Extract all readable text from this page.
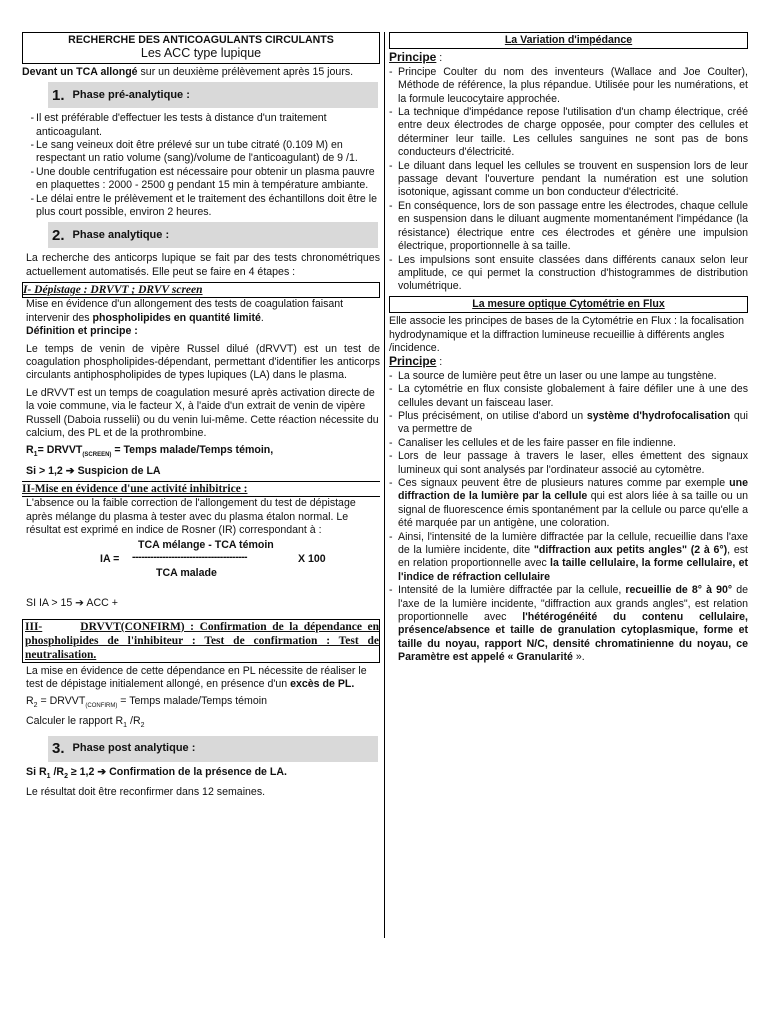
RECHERCHE DES ANTICOAGULANTS CIRCULANTS
Les ACC type lupique

Devant un TCA allongé sur un deuxième prélèvement après 15 jours.

1. Phase pré-analytique :
- Il est préférable d'effectuer les tests à distance d'un traitement anticoagulant.
- Le sang veineux doit être prélevé sur un tube citraté (0.109 M) en respectant un ratio volume (sang)/volume de l'anticoagulant) de 9 /1.
- Une double centrifugation est nécessaire pour obtenir un plasma pauvre en plaquettes : 2000 - 2500 g pendant 15 min à température ambiante.
- Le délai entre le prélèvement et le traitement des échantillons doit être le plus court possible, environ 2 heures.
2. Phase analytique :

La recherche des anticorps lupique se fait par des tests chronométriques actuellement automatisés. Elle peut se faire en 4 étapes :

I- Dépistage : DRVVT ; DRVV screen

Mise en évidence d'un allongement des tests de coagulation faisant intervenir des phospholipides en quantité limité.

Définition et principe :

Le temps de venin de vipère Russel dilué (dRVVT) est un test de coagulation phospholipides-dépendant, permettant d'identifier les anticorps circulants antiphospholipides de types lupiques (LA) dans le plasma.

Le dRVVT est un temps de coagulation mesuré après activation directe de la voie commune, via le facteur X, à l'aide d'un extrait de venin de vipère Russell (Daboia russelii) ou du venin lui-même. Cette réaction nécessite du calcium, des PL et de la prothrombine.

$R_1=$ $DRVVT_{(SCREEN)}$ = Temps malade/Temps témoin,

Si > 1,2 ➔ Suspicion de LA

II-Mise en évidence d'une activité inhibitrice :

L'absence ou la faible correction de l'allongement du test de dépistage après mélange du plasma à tester avec du plasma étalon normal. Le résultat est exprimé en indice de Rosner (IR) correspondant à :

TCA mélange - TCA témoin
IA = --------------------------------------	X 100
TCA malade

SI IA > 15 ➔ ACC +

III-	DRVVT(CONFIRM) : Confirmation de la dépendance en phospholipides de l'inhibiteur : Test de confirmation : Test de neutralisation.

La mise en évidence de cette dépendance en PL nécessite de réaliser le test de dépistage initialement allongé, en présence d'un excès de PL.

$R_2$ = $DRVVT_{(CONFIRM)}$ = Temps malade/Temps témoin

Calculer le rapport $R_1$ $/R_2$

3. Phase post analytique :

Si $R_1$ $/R_2 \ge 1,2$ ➔ Confirmation de la présence de LA.

Le résultat doit être reconfirmer dans 12 semaines.

La Variation d'impédance

Principe :

- Principe Coulter du nom des inventeurs (Wallace and Joe Coulter), Méthode de référence, la plus répandue. Utilisée pour les numérations, et la formule leucocytaire approchée.
- La technique d'impédance repose l'utilisation d'un champ électrique, créé entre deux électrodes de charge opposée, pour compter des cellules et déterminer leur taille. Les cellules sanguines ne sont pas de bons conducteurs d'électricité.
- Le diluant dans lequel les cellules se trouvent en suspension lors de leur passage devant l'ouverture pendant la numération est une solution isotonique, agissant comme un bon conducteur d'électricité.
- En conséquence, lors de son passage entre les électrodes, chaque cellule en suspension dans le diluant augmente momentanément l'impédance (la résistance) électrique entre ces électrodes et génère une impulsion électrique, proportionnelle à sa taille.
- Les impulsions sont ensuite classées dans différents canaux selon leur amplitude, ce qui permet la construction d'histogrammes de distribution volumétrique.
La mesure optique Cytométrie en Flux

Elle associe les principes de bases de la Cytométrie en Flux : la focalisation hydrodynamique et la diffraction lumineuse recueillie à différents angles /incidence.

Principe :

- La source de lumière peut être un laser ou une lampe au tungstène.
- La cytométrie en flux consiste globalement à faire défiler une à une des cellules devant un faisceau laser.
- Plus précisément, on utilise d'abord un système d'hydrofocalisation qui va permettre de
- Canaliser les cellules et de les faire passer en file indienne.
- Lors de leur passage à travers le laser, elles émettent des signaux lumineux qui sont analysés par l'ordinateur associé au cytomètre.
- Ces signaux peuvent être de plusieurs natures comme par exemple une diffraction de la lumière par la cellule qui est alors liée à sa taille ou un signal de fluorescence émis spontanément par la cellule ou parce qu'elle a été marquée par un antigène, une coloration.
- Ainsi, l'intensité de la lumière diffractée par la cellule, recueillie dans l'axe de la lumière incidente, dite "diffraction aux petits angles" (2 à 6°), est en relation proportionnelle avec la taille cellulaire, la forme cellulaire, et l'indice de réfraction cellulaire
- Intensité de la lumière diffractée par la cellule, recueillie de 8° à 90° de l'axe de la lumière incidente, "diffraction aux grands angles", est relation proportionnelle avec l'hétérogénéité du contenu cellulaire, présence/absence et taille de granulation cytoplasmique, forme et taille du noyau, rapport N/C, densité chromatinienne du noyau, ce Paramètre est appelé « Granularité ».
